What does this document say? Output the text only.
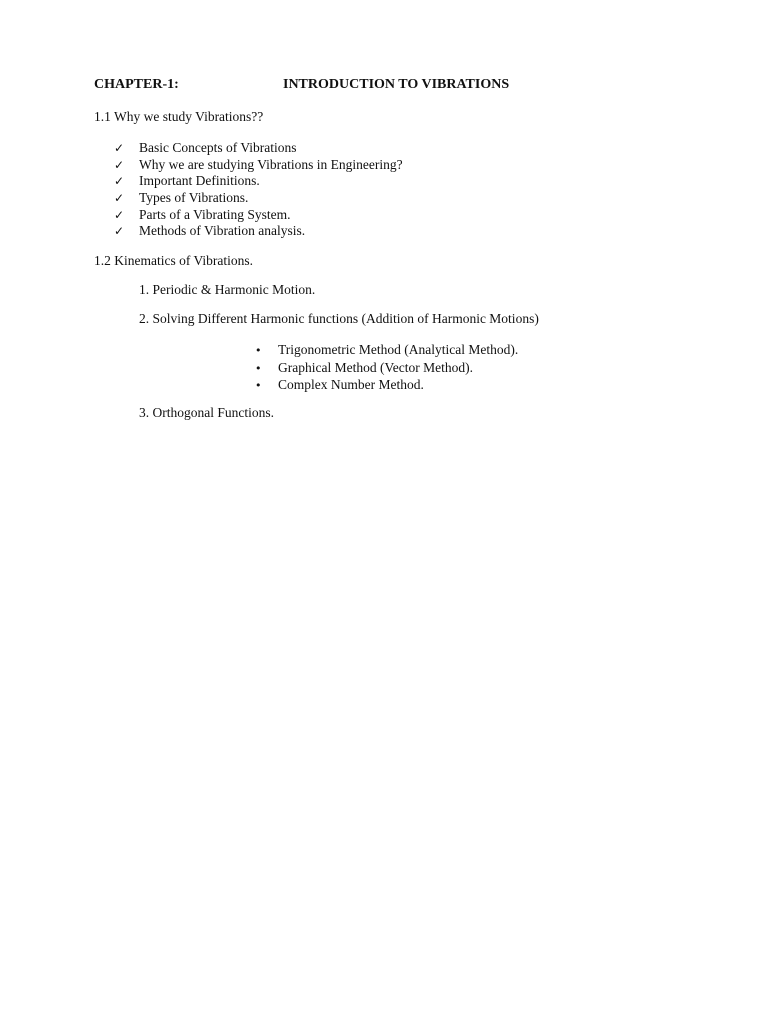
CHAPTER-1:	INTRODUCTION TO VIBRATIONS
1.1 Why we study Vibrations??
✓ Basic Concepts of Vibrations
✓ Why we are studying Vibrations in Engineering?
✓ Important Definitions.
✓ Types of Vibrations.
✓ Parts of a Vibrating System.
✓ Methods of Vibration analysis.
1.2 Kinematics of Vibrations.
1. Periodic & Harmonic Motion.
2. Solving Different Harmonic functions (Addition of Harmonic Motions)
• Trigonometric Method (Analytical Method).
• Graphical Method (Vector Method).
• Complex Number Method.
3. Orthogonal Functions.
